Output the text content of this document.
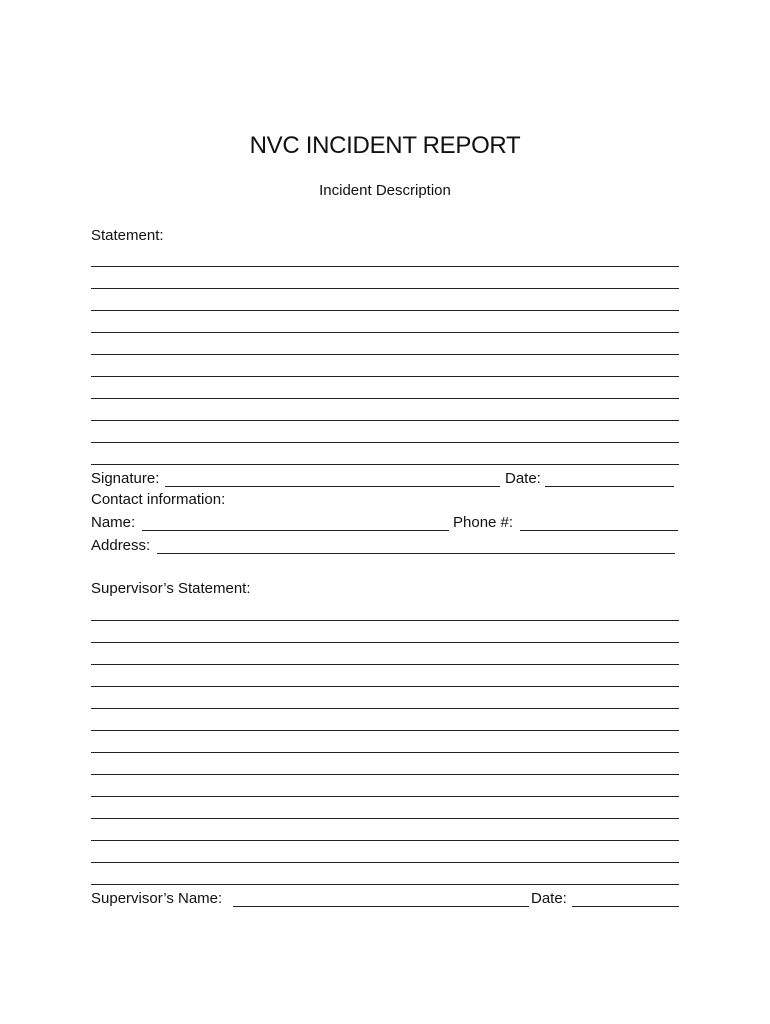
NVC INCIDENT REPORT
Incident Description
Statement:
Signature:	Date:
Contact information:
Name:	Phone #:
Address:
Supervisor’s Statement:
Supervisor’s Name:	Date:
